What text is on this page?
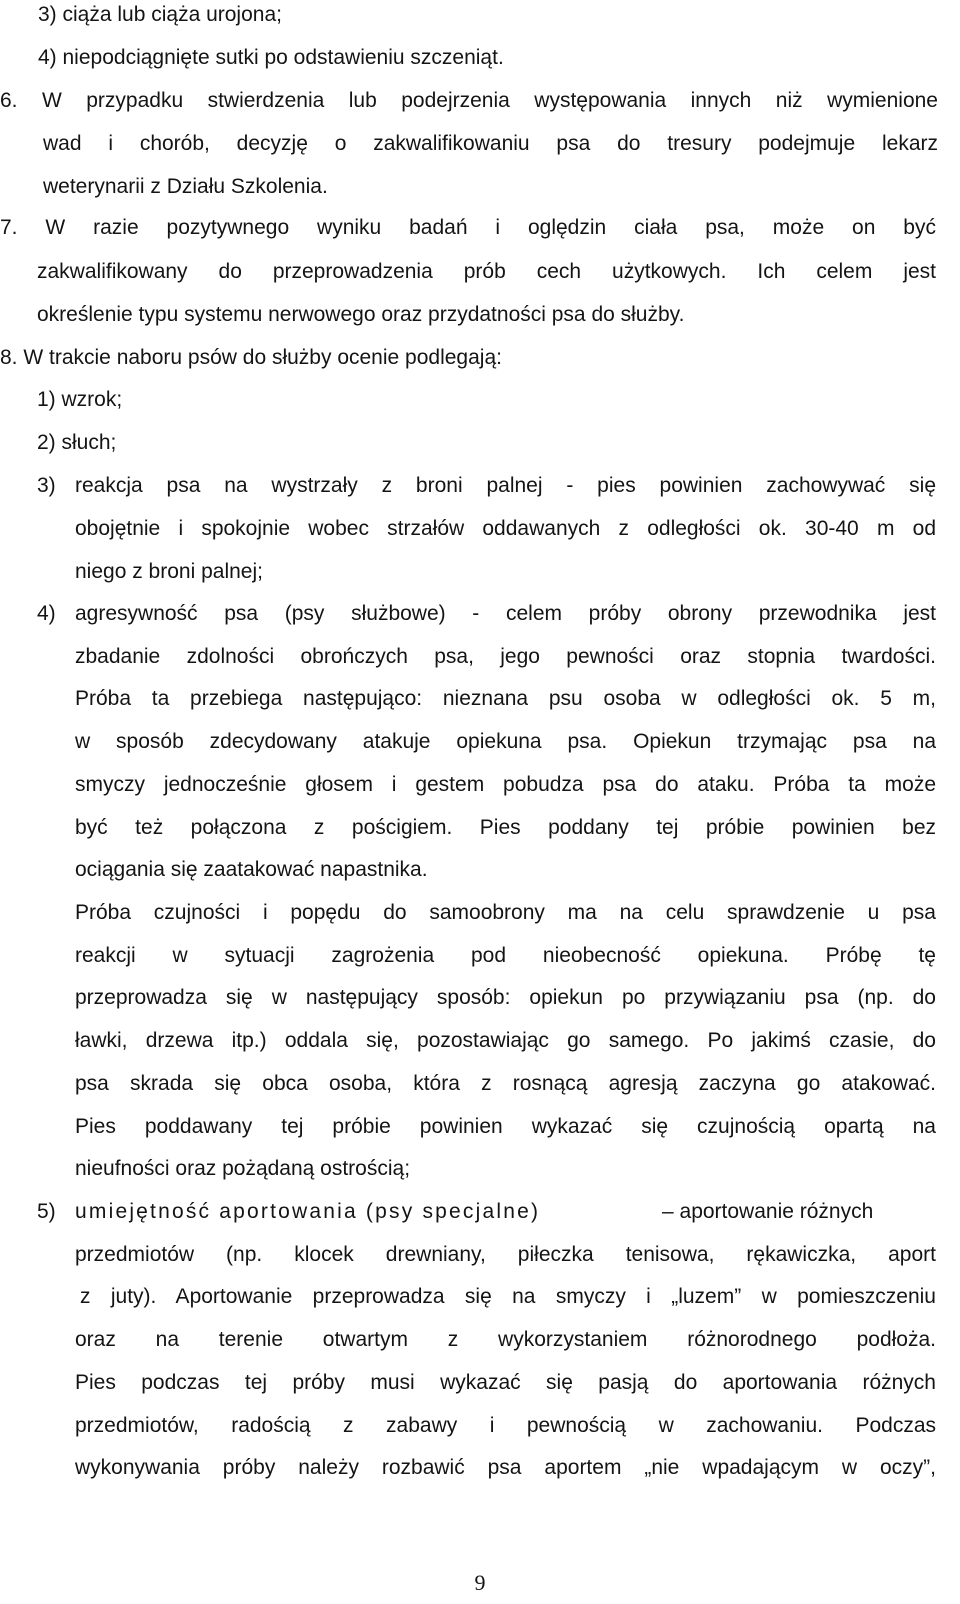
3) ciąża lub ciąża urojona;
4) niepodciągnięte sutki po odstawieniu szczeniąt.
6. W przypadku stwierdzenia lub podejrzenia występowania innych niż wymienione
wad i chorób, decyzję o zakwalifikowaniu psa do tresury podejmuje lekarz
weterynarii z Działu Szkolenia.
7. W razie pozytywnego wyniku badań i oględzin ciała psa, może on być
zakwalifikowany do przeprowadzenia prób cech użytkowych. Ich celem jest
określenie typu systemu nerwowego oraz przydatności psa do służby.
8. W trakcie naboru psów do służby ocenie podlegają:
1) wzrok;
2) słuch;
3) reakcja psa na wystrzały z broni palnej - pies powinien zachowywać się
obojętnie i spokojnie wobec strzałów oddawanych z odległości ok. 30-40 m od
niego z broni palnej;
4) agresywność psa (psy służbowe) - celem próby obrony przewodnika jest
zbadanie zdolności obrończych psa, jego pewności oraz stopnia twardości.
Próba ta przebiega następująco: nieznana psu osoba w odległości ok. 5 m,
w sposób zdecydowany atakuje opiekuna psa. Opiekun trzymając psa na
smyczy jednocześnie głosem i gestem pobudza psa do ataku. Próba ta może
być też połączona z pościgiem. Pies poddany tej próbie powinien bez
ociągania się zaatakować napastnika.
Próba czujności i popędu do samoobrony ma na celu sprawdzenie u psa
reakcji w sytuacji zagrożenia pod nieobecność opiekuna. Próbę tę
przeprowadza się w następujący sposób: opiekun po przywiązaniu psa (np. do
ławki, drzewa itp.) oddala się, pozostawiając go samego. Po jakimś czasie, do
psa skrada się obca osoba, która z rosnącą agresją zaczyna go atakować.
Pies poddawany tej próbie powinien wykazać się czujnością opartą na
nieufności oraz pożądaną ostrością;
5) umiejętność aportowania (psy specjalne)	– aportowanie różnych
przedmiotów (np. klocek drewniany, piłeczka tenisowa, rękawiczka, aport
z juty). Aportowanie przeprowadza się na smyczy i „luzem” w pomieszczeniu
oraz na terenie otwartym z wykorzystaniem różnorodnego podłoża.
Pies podczas tej próby musi wykazać się pasją do aportowania różnych
przedmiotów, radością z zabawy i pewnością w zachowaniu. Podczas
wykonywania próby należy rozbawić psa aportem „nie wpadającym w oczy”,
9
